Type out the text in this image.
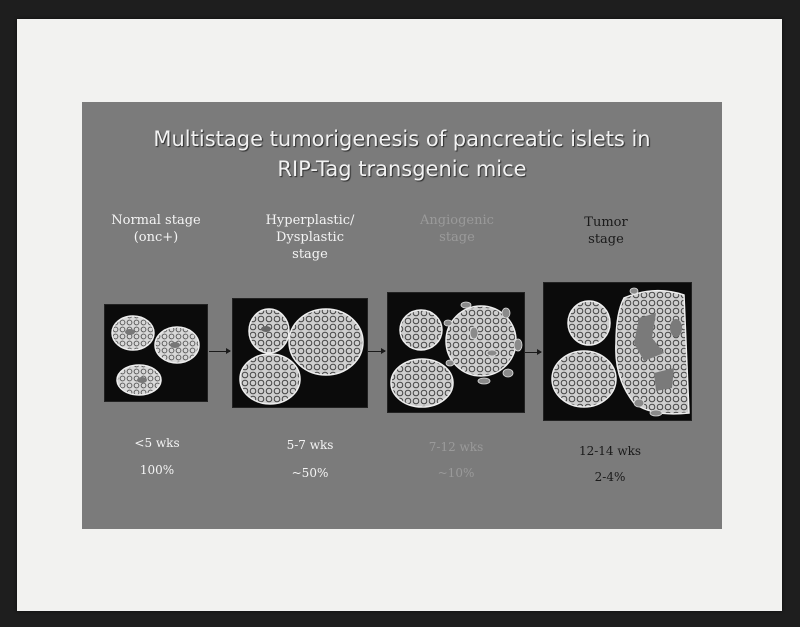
Multistage tumorigenesis of pancreatic islets in
RIP-Tag transgenic mice
Normal stage
(onc+)
Hyperplastic/
Dysplastic
stage
Angiogenic
stage
Tumor
stage
<5 wks
100%
5-7 wks
~50%
7-12 wks
~10%
12-14 wks
2-4%
